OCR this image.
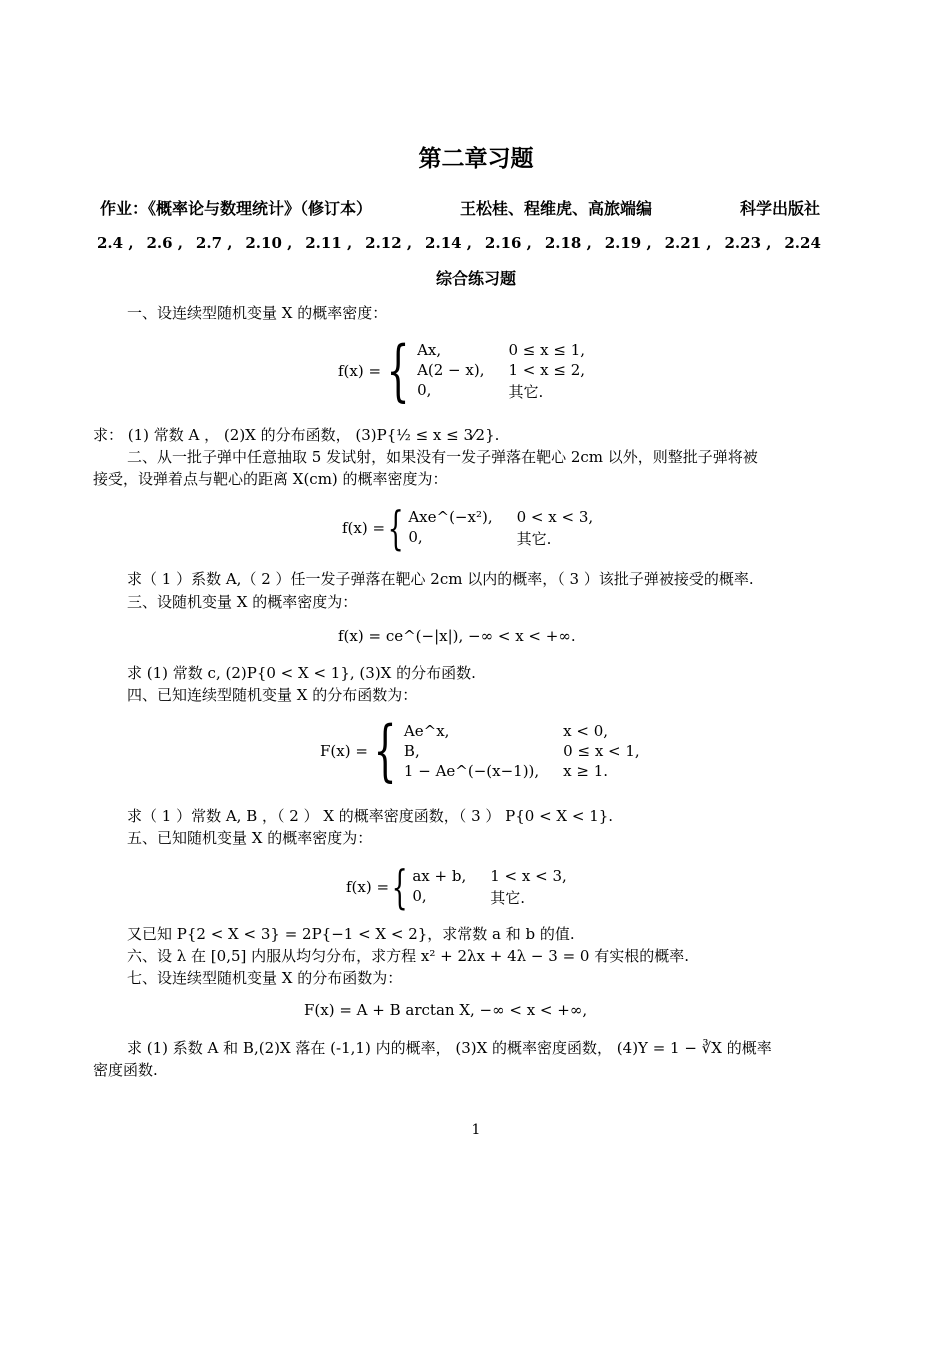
第二章习题
作业：《概率论与数理统计》（修订本）	王松桂、程维虎、高旅端编	科学出版社
2.4 , 2.6 , 2.7 , 2.10 , 2.11 , 2.12 , 2.14 , 2.16 , 2.18 , 2.19 , 2.21 , 2.23 , 2.24
综合练习题
一、设连续型随机变量 X 的概率密度：
f(x) = { Ax,	0 ≤ x ≤ 1,
A(2 − x), 1 < x ≤ 2,
0,	其它.
求： (1) 常数 A ， (2)X 的分布函数， (3)P{½ ≤ x ≤ 3⁄2}.
二、从一批子弹中任意抽取 5 发试射，如果没有一发子弹落在靶心 2cm 以外，则整批子弹将被
接受，设弹着点与靶心的距离 X(cm) 的概率密度为：
f(x) = { Axe^(−x²), 0 < x < 3,
0,	其它.
求（ 1 ）系数 A,（ 2 ）任一发子弹落在靶心 2cm 以内的概率，（ 3 ）该批子弹被接受的概率.
三、设随机变量 X 的概率密度为：
f(x) = ce^(−|x|), −∞ < x < +∞.
求 (1) 常数 c, (2)P{0 < X < 1}, (3)X 的分布函数.
四、已知连续型随机变量 X 的分布函数为：
F(x) = { Ae^x,	x < 0,
B,	0 ≤ x < 1,
1 − Ae^(−(x−1)), x ≥ 1.
求（ 1 ）常数 A, B ，（ 2 ） X 的概率密度函数，（ 3 ） P{0 < X < 1}.
五、已知随机变量 X 的概率密度为：
f(x) = { ax + b, 1 < x < 3,
0,	其它.
又已知 P{2 < X < 3} = 2P{−1 < X < 2}，求常数 a 和 b 的值.
六、设 λ 在 [0,5] 内服从均匀分布，求方程 x² + 2λx + 4λ − 3 = 0 有实根的概率.
七、设连续型随机变量 X 的分布函数为：
F(x) = A + B arctan X, −∞ < x < +∞,
求 (1) 系数 A 和 B,(2)X 落在 (-1,1) 内的概率， (3)X 的概率密度函数， (4)Y = 1 − ∛X 的概率
密度函数.
1
